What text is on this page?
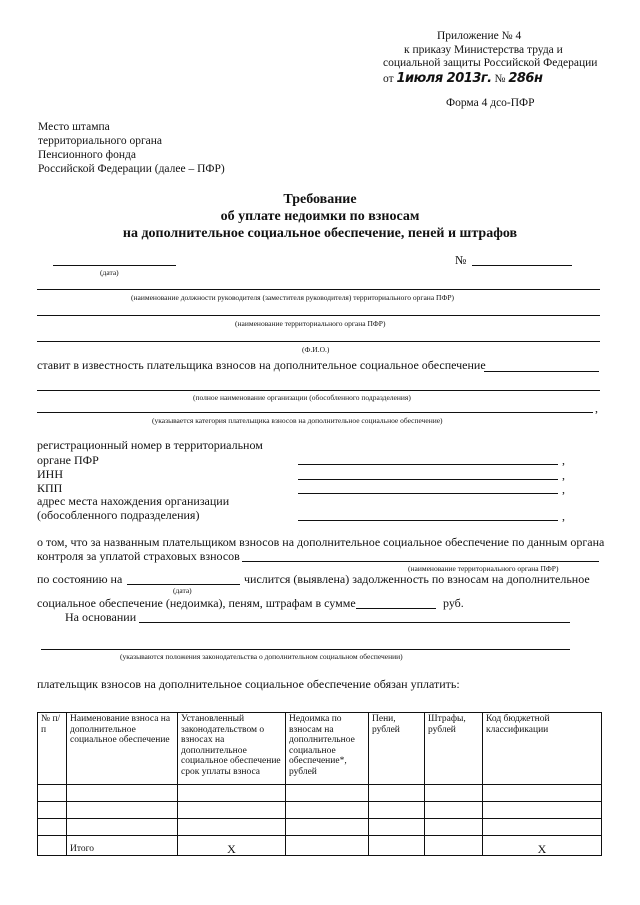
Приложение № 4
к приказу Министерства труда и
социальной защиты Российской Федерации
от 1июля 2013г. № 286н
Форма 4 дсо-ПФР
Место штампа
территориального органа
Пенсионного фонда
Российской Федерации (далее – ПФР)
Требование
об уплате недоимки по взносам
на дополнительное социальное обеспечение, пеней и штрафов
(дата)
№
(наименование должности руководителя (заместителя руководителя) территориального органа ПФР)
(наименование территориального органа ПФР)
(Ф.И.О.)
ставит в известность плательщика взносов на дополнительное социальное обеспечение
(полное наименование организации (обособленного подразделения)
,
(указывается категория плательщика взносов на дополнительное социальное обеспечение)
регистрационный номер в территориальном
органе ПФР	,
ИНН	,
КПП	,
адрес места нахождения организации
(обособленного подразделения)	,
о том, что за названным плательщиком взносов на дополнительное социальное обеспечение по данным органа
контроля за уплатой страховых взносов
(наименование территориального органа ПФР)
по состоянию на	числится (выявлена) задолженность по взносам на дополнительное
(дата)
социальное обеспечение (недоимка), пеням, штрафам в сумме	руб.
На основании
(указываются положения законодательства о дополнительном социальном обеспечении)
плательщик взносов на дополнительное социальное обеспечение обязан уплатить:
№ п/п	Наименование взноса на дополнительное социальное обеспечение	Установленный законодательством о взносах на дополнительное социальное обеспечение срок уплаты взноса	Недоимка по взносам на дополнительное социальное обеспечение*, рублей	Пени, рублей	Штрафы, рублей	Код бюджетной классификации

	Итого	Х				Х
